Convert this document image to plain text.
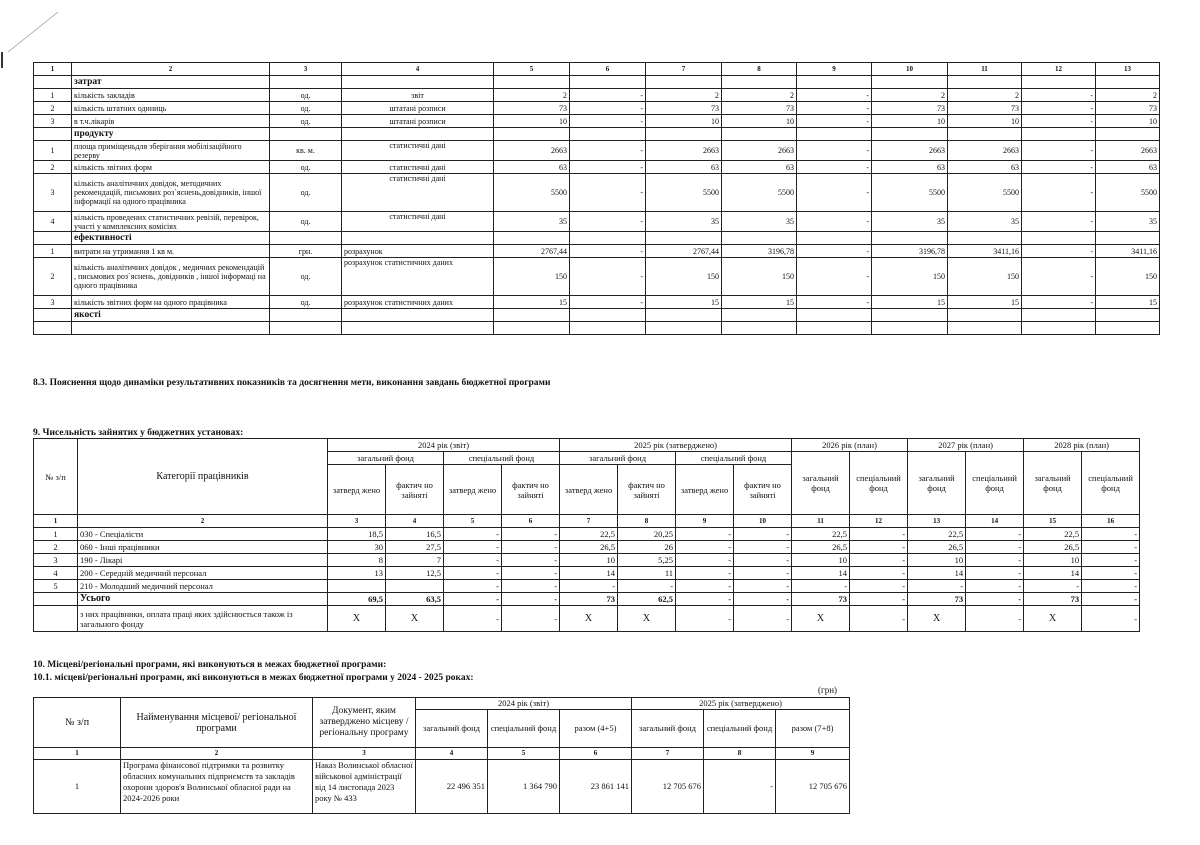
1	2	3	4	5	6	7	8	9	10	11	12	13
	затрат											
1	кількість закладів	од.	звіт	2	-	2	2	-	2	2	-	2
2	кількість штатних одиниць	од.	штатані розписи	73	-	73	73	-	73	73	-	73
3	в т.ч.лікарів	од.	штатані розписи	10	-	10	10	-	10	10	-	10
	продукту											
1	площа приміщеньдля зберігання мобілізаційного резерву	кв. м.	статистичні дані	2663	-	2663	2663	-	2663	2663	-	2663
2	кількість звітних форм	од.	статистичні дані	63	-	63	63	-	63	63	-	63
3	кількість аналітичних довідок, методичних рекомендацій, письмових роз`яснень,довідників, іншої інформації на одного працівника	од.	статистичні дані	5500	-	5500	5500	-	5500	5500	-	5500
4	кількість проведених статистичних ревізій, перевірок, участі у комплексних комісіях	од.	статистичні дані	35	-	35	35	-	35	35	-	35
	ефективності											
1	витрати на утримання 1 кв м.	грн.	розрахунок	2767,44	-	2767,44	3196,78	-	3196,78	3411,16	-	3411,16
2	кількість аналітичних довідок , медичних рекомендацій , письмових роз`яснень, довідників , іншої інформаці на одного працівника	од.	розрахунок статистичних даних	150	-	150	150	-	150	150	-	150
3	кількість звітних форм на одного працівника	од.	розрахунок статистичних даних	15	-	15	15	-	15	15	-	15
	якості											

8.3. Пояснення щодо динаміки результативних показників та досягнення мети, виконання завдань бюджетної програми
9. Чисельність зайнятих у бюджетних установах:
№ з/п	Категорії працівників	2024 рік (звіт)				2025 рік (затверджено)				2026 рік (план)		2027 рік (план)		2028 рік (план)	
		загальний фонд		спеціальний фонд		загальний фонд		спеціальний фонд		загальний фонд	спеціальний фонд	загальний фонд	спеціальний фонд	загальний фонд	спеціальний фонд
		затверд жено	фактич но зайняті	затверд жено	фактич но зайняті	затверд жено	фактич но зайняті	затверд жено	фактич но зайняті						
1	2	3	4	5	6	7	8	9	10	11	12	13	14	15	16
1	030 - Спеціалісти	18,5	16,5	-	-	22,5	20,25	-	-	22,5	-	22,5	-	22,5	-
2	060 - Інші працівники	30	27,5	-	-	26,5	26	-	-	26,5	-	26,5	-	26,5	-
3	190 - Лікарі	8	7	-	-	10	5,25	-	-	10	-	10	-	10	-
4	200 - Середній медичний персонал	13	12,5	-	-	14	11	-	-	14	-	14	-	14	-
5	210 - Молодший медичний персонал			-	-	-	-	-	-	-	-	-	-	-	-
	Усього	69,5	63,5	-	-	73	62,5	-	-	73	-	73	-	73	-
	з них працівники, оплата праці яких здійснюється також із загального фонду	X	X	-	-	X	X	-	-	X	-	X	-	X	-
10. Місцеві/регіональні програми, які виконуються в межах бюджетної програми:
10.1. місцеві/регіональні програми, які виконуються в межах бюджетної програми у 2024 - 2025 роках:
(грн)
№ з/п	Найменування місцевої/ регіональної програми	Документ, яким затверджено місцеву / регіональну програму	2024 рік (звіт)			2025 рік (затверджено)		
			загальний фонд	спеціальний фонд	разом (4+5)	загальний фонд	спеціальний фонд	разом (7+8)
1	2	3	4	5	6	7	8	9
1	Програма фінансової підтримки та розвитку обласних комунальних підприємств та закладів охорони здоров'я Волинської обласної ради на 2024-2026 роки	Наказ Волинської обласної військової адміністрації від 14 листопада 2023 року № 433	22 496 351	1 364 790	23 861 141	12 705 676	-	12 705 676
